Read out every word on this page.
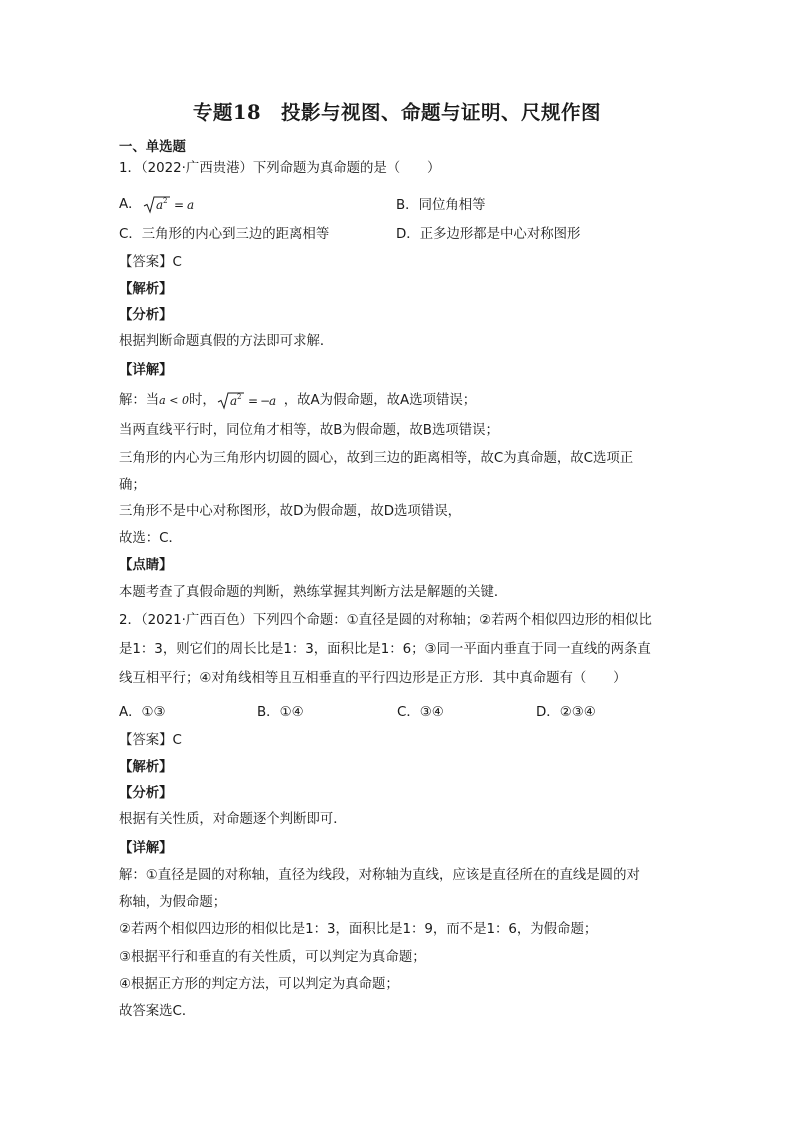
专题18　投影与视图、命题与证明、尺规作图
一、单选题
1．（2022·广西贵港）下列命题为真命题的是（　　）
A． a 2 = a	B．同位角相等
C．三角形的内心到三边的距离相等	D．正多边形都是中心对称图形
【答案】C
【解析】
【分析】
根据判断命题真假的方法即可求解．
【详解】
解：当a < 0时， a 2 = −
a ，故A为假命题，故A选项错误；
当两直线平行时，同位角才相等，故B为假命题，故B选项错误；
三角形的内心为三角形内切圆的圆心，故到三边的距离相等，故C为真命题，故C选项正
确；
三角形不是中心对称图形，故D为假命题，故D选项错误，
故选：C．
【点睛】
本题考查了真假命题的判断，熟练掌握其判断方法是解题的关键．
2．（2021·广西百色）下列四个命题：①直径是圆的对称轴；②若两个相似四边形的相似比
是1：3，则它们的周长比是1：3，面积比是1：6；③同一平面内垂直于同一直线的两条直
线互相平行；④对角线相等且互相垂直的平行四边形是正方形．其中真命题有（　　）
A．①③	B．①④	C．③④	D．②③④
【答案】C
【解析】
【分析】
根据有关性质，对命题逐个判断即可．
【详解】
解：①直径是圆的对称轴，直径为线段，对称轴为直线，应该是直径所在的直线是圆的对
称轴，为假命题；
②若两个相似四边形的相似比是1：3，面积比是1：9，而不是1：6，为假命题；
③根据平行和垂直的有关性质，可以判定为真命题；
④根据正方形的判定方法，可以判定为真命题；
故答案选C．
